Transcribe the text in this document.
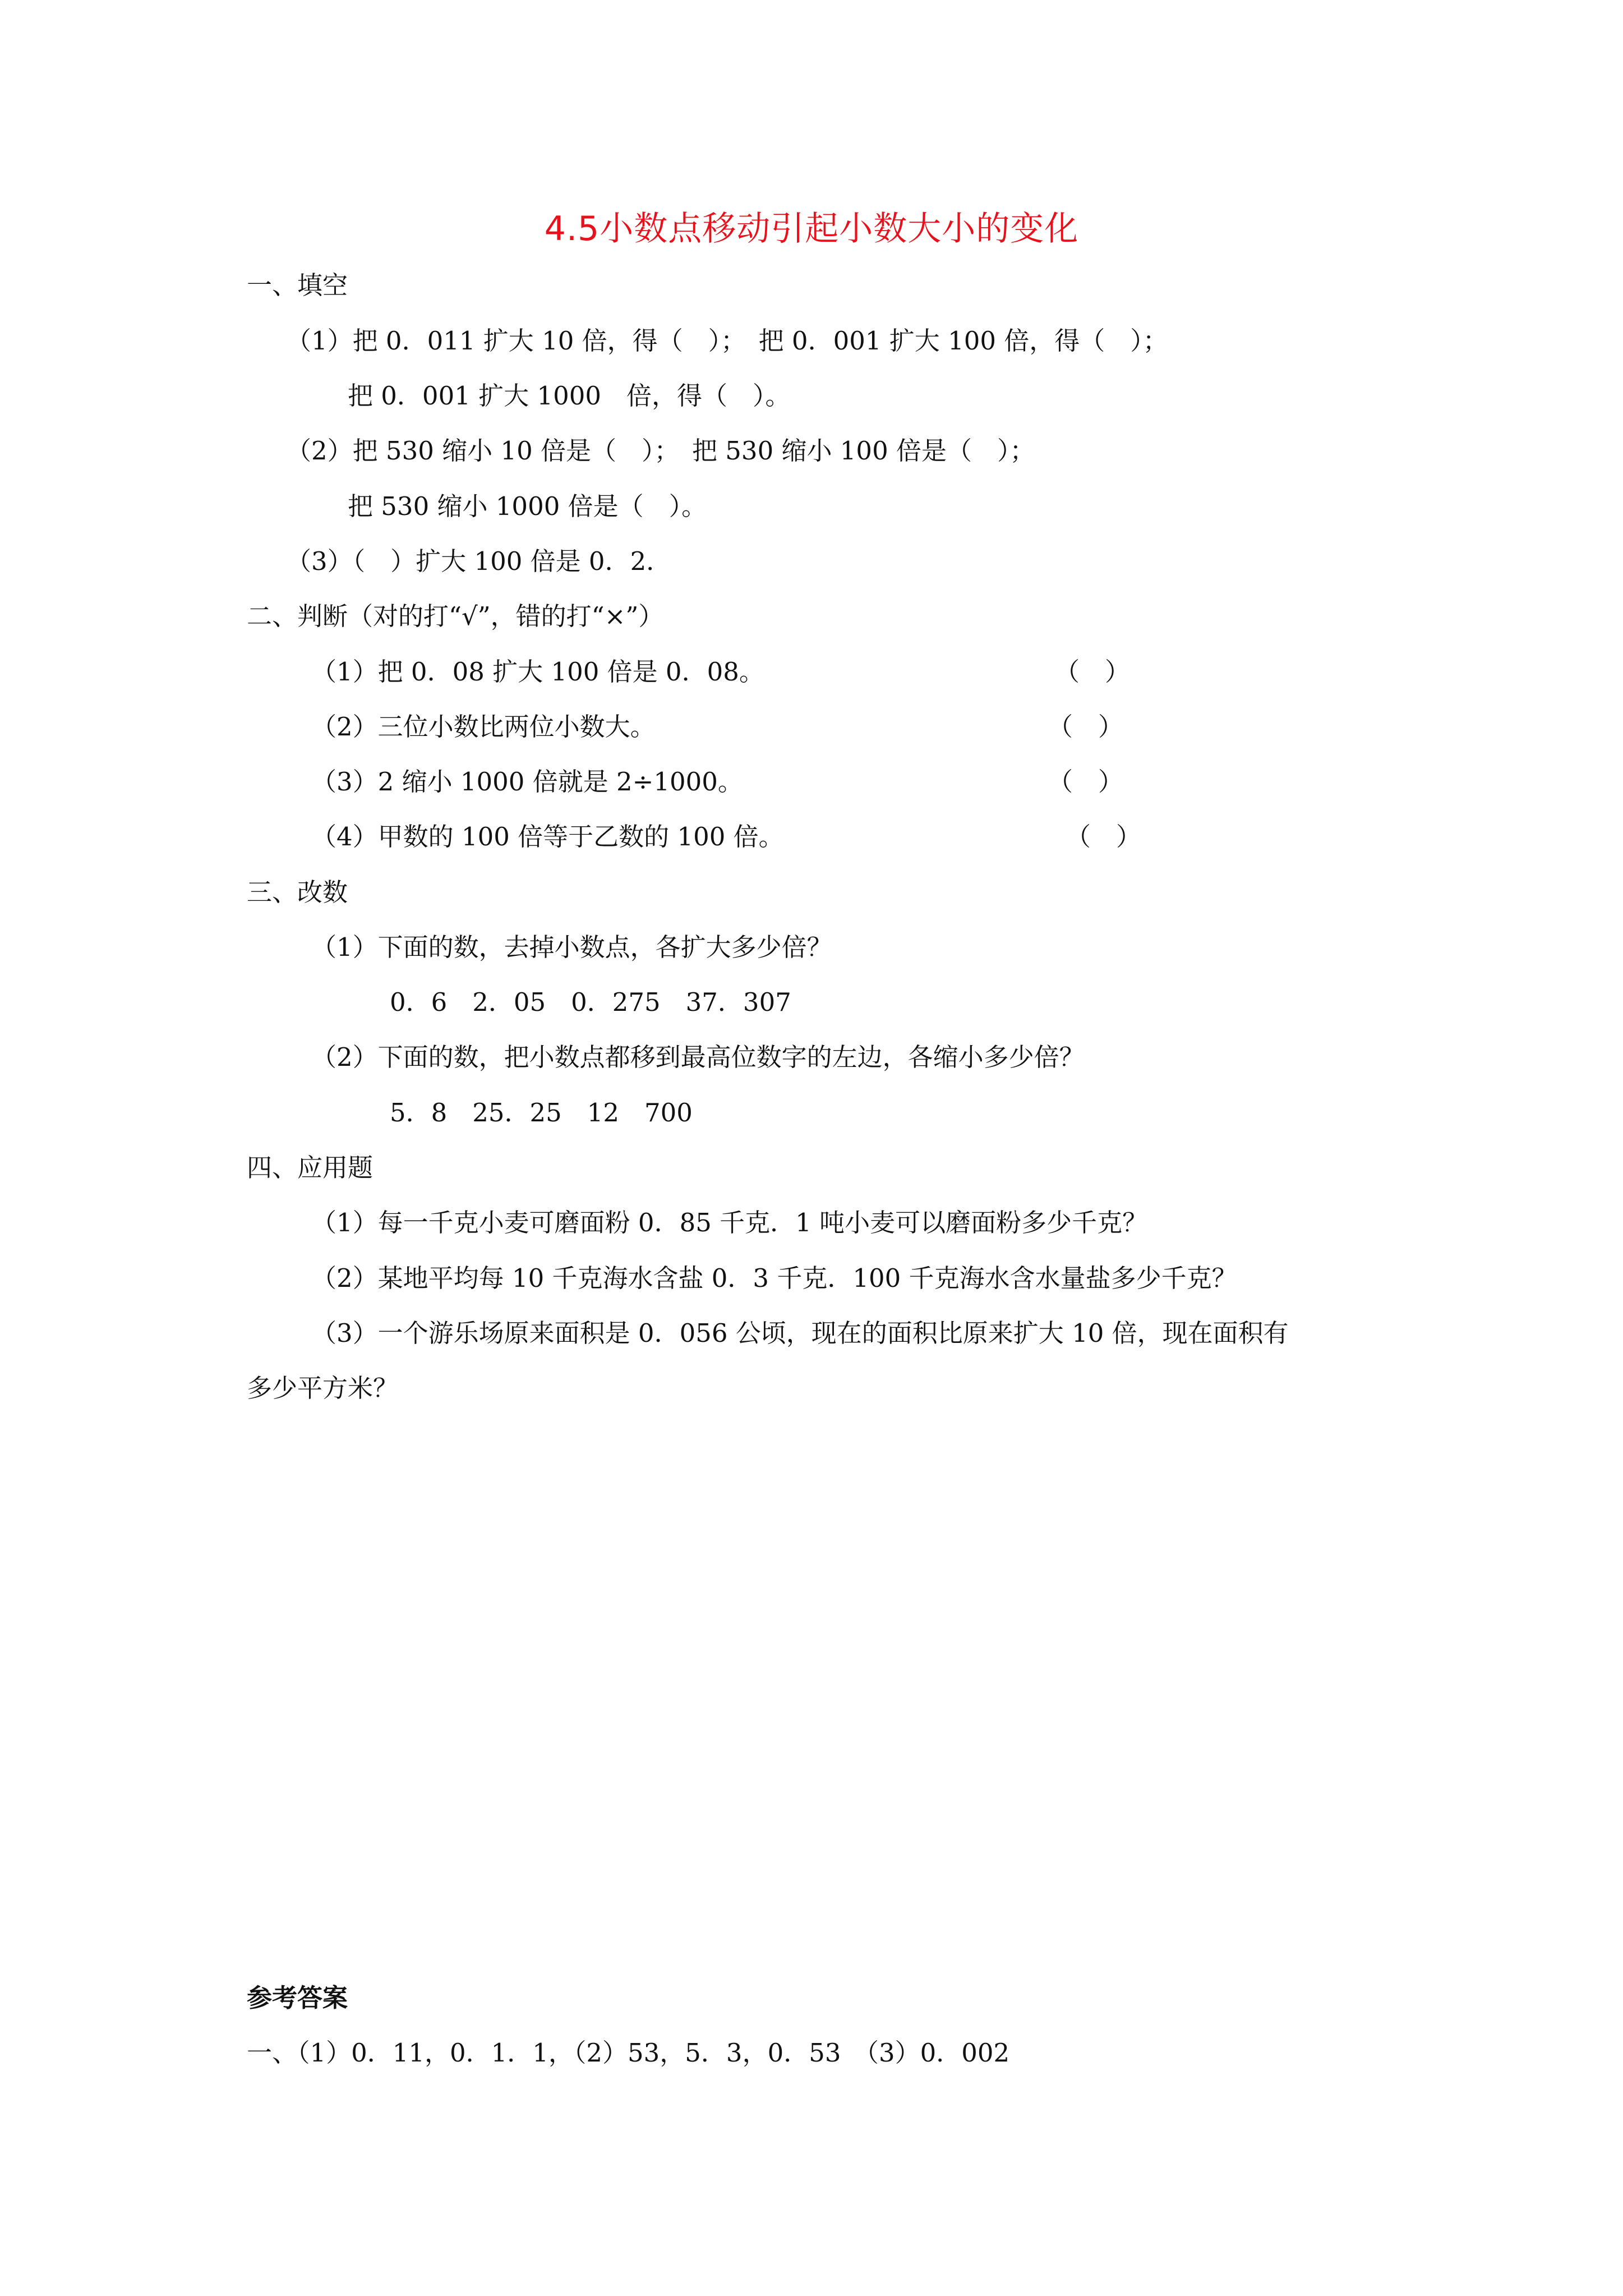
4.5小数点移动引起小数大小的变化
一、填空
（1）把 0．011 扩大 10 倍，得（　）；　把 0．001 扩大 100 倍，得（　）；
把 0．001 扩大 1000　倍，得（　）。
（2）把 530 缩小 10 倍是（　）；　把 530 缩小 100 倍是（　）；
把 530 缩小 1000 倍是（　）。
（3）（　）扩大 100 倍是 0．2．
二、判断（对的打“√”，错的打“×”）
（1）把 0．08 扩大 100 倍是 0．08。	（　）
（2）三位小数比两位小数大。	（　）
（3）2 缩小 1000 倍就是 2÷1000。	（　）
（4）甲数的 100 倍等于乙数的 100 倍。	（　）
三、改数
（1）下面的数，去掉小数点，各扩大多少倍？
0．6　2．05　0．275　37．307
（2）下面的数，把小数点都移到最高位数字的左边，各缩小多少倍？
5．8　25．25　12　700
四、应用题
（1）每一千克小麦可磨面粉 0．85 千克．1 吨小麦可以磨面粉多少千克？
（2）某地平均每 10 千克海水含盐 0．3 千克．100 千克海水含水量盐多少千克？
（3）一个游乐场原来面积是 0．056 公顷，现在的面积比原来扩大 10 倍，现在面积有
多少平方米？
参考答案
一、（1）0．11，0．1．1，（2）53，5．3，0．53　（3）0．002
